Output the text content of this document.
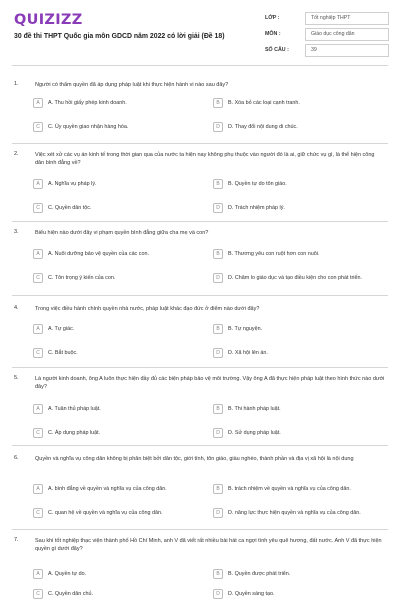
QUIZIZZ
30 đề thi THPT Quốc gia môn GDCD năm 2022 có lời giải (Đề 18)
LỚP :	Tốt nghiệp THPT
MÔN :	Giáo dục công dân
SỐ CÂU :	39
1.	Người có thẩm quyền đã áp dụng pháp luật khi thực hiện hành vi nào sau đây?
A	A. Thu hồi giấy phép kinh doanh.	B	B. Xóa bỏ các loại cạnh tranh.
C	C. Ủy quyền giao nhận hàng hóa.	D	D. Thay đổi nội dung di chúc.
2.	Việc xét xử các vụ án kinh tế trong thời gian qua của nước ta hiện nay không phụ thuộc vào người đó là ai, giữ chức vụ gì, là thể hiện công dân bình đẳng về?
A	A. Nghĩa vụ pháp lý.	B	B. Quyền tự do tôn giáo.
C	C. Quyền dân tộc.	D	D. Trách nhiệm pháp lý.
3.	Biểu hiện nào dưới đây vi phạm quyền bình đẳng giữa cha mẹ và con?
A	A. Nuôi dưỡng bảo vệ quyền của các con.	B	B. Thương yêu con ruột hơn con nuôi.
C	C. Tôn trọng ý kiến của con.	D	D. Chăm lo giáo dục và tạo điều kiện cho con phát triển.
4.	Trong việc điều hành chính quyền nhà nước, pháp luật khác đạo đức ở điểm nào dưới đây?
A	A. Tự giác.	B	B. Tự nguyện.
C	C. Bắt buộc.	D	D. Xã hội lên án.
5.	Là người kinh doanh, ông A luôn thực hiện đầy đủ các biện pháp bảo vệ môi trường. Vậy ông A đã thực hiện pháp luật theo hình thức nào dưới đây?
A	A. Tuân thủ pháp luật.	B	B. Thi hành pháp luật.
C	C. Áp dụng pháp luật.	D	D. Sử dụng pháp luật.
6.	Quyền và nghĩa vụ công dân không bị phân biệt bởi dân tộc, giới tính, tôn giáo, giàu nghèo, thành phần và địa vị xã hội là nội dung
A	A. bình đẳng về quyền và nghĩa vụ của công dân.	B	B. trách nhiệm về quyền và nghĩa vụ của công dân.
C	C. quan hệ về quyền và nghĩa vụ của công dân.	D	D. năng lực thực hiện quyền và nghĩa vụ của công dân.
7.	Sau khi tốt nghiệp thạc viện thành phố Hồ Chí Minh, anh V đã viết rất nhiều bài hát ca ngợi tình yêu quê hương, đất nước. Anh V đã thực hiện quyền gì dưới đây?
A	A. Quyền tự do.	B	B. Quyền được phát triển.
C	C. Quyền dân chủ.	D	D. Quyền sáng tạo.
